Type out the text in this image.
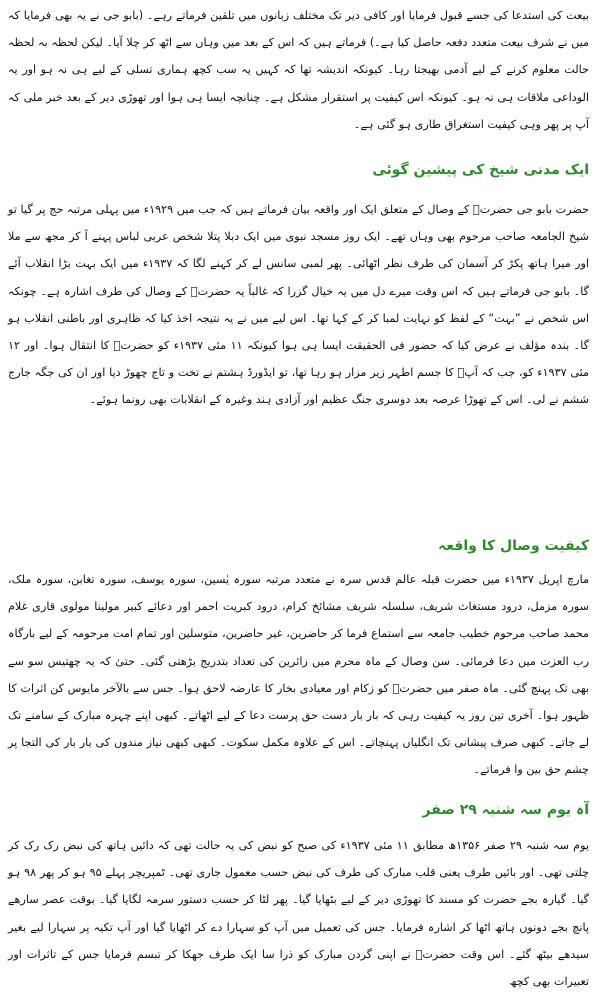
بیعت کی استدعا کی جسے قبول فرمایا اور کافی دیر تک مختلف زبانوں میں تلقین فرماتے رہے۔ (بابو جی نے یہ بھی فرمایا کہ میں نے شرف بیعت متعدد دفعہ حاصل کیا ہے۔) فرماتے ہیں کہ اس کے بعد میں وہاں سے اٹھ کر چلا آیا۔ لیکن لحظہ بہ لحظہ حالت معلوم کرنے کے لیے آدمی بھیجتا رہا۔ کیونکہ اندیشہ تھا کہ کہیں یہ سب کچھ ہماری تسلی کے لیے ہی نہ ہو اور یہ الوداعی ملاقات ہی نہ ہو۔ کیونکہ اس کیفیت پر استقرار مشکل ہے۔ چنانچہ ایسا ہی ہوا اور تھوڑی دیر کے بعد خبر ملی کہ آپ پر پھر وہی کیفیت استغراق طاری ہو گئی ہے۔

ایک مدنی شیخ کی پیشین گوئی

حضرت بابو جی حضرتؒ کے وصال کے متعلق ایک اور واقعہ بیان فرماتے ہیں کہ جب میں ۱۹۲۹ء میں پہلی مرتبہ حج پر گیا تو شیخ الجامعہ صاحب مرحوم بھی وہاں تھے۔ ایک روز مسجد نبوی میں ایک دبلا پتلا شخص عربی لباس پہنے آ کر مجھ سے ملا اور میرا ہاتھ پکڑ کر آسمان کی طرف نظر اٹھائی۔ پھر لمبی سانس لے کر کہنے لگا کہ ۱۹۳۷ء میں ایک بہت بڑا انقلاب آئے گا۔ بابو جی فرماتے ہیں کہ اس وقت میرے دل میں یہ خیال گزرا کہ غالباً یہ حضرتؒ کے وصال کی طرف اشارہ ہے۔ چونکہ اس شخص نے ”بہت“ کے لفظ کو نہایت لمبا کر کے کہا تھا۔ اس لیے میں نے یہ نتیجہ اخذ کیا کہ ظاہری اور باطنی انقلاب ہو گا۔ بندہ مؤلف نے عرض کیا کہ حضور فی الحقیقت ایسا ہی ہوا کیونکہ ۱۱ مئی ۱۹۳۷ء کو حضرتؒ کا انتقال ہوا۔ اور ۱۲ مئی ۱۹۳۷ء کو، جب کہ آپؒ کا جسم اطہر زیر مزار ہو رہا تھا، تو ایڈورڈ ہشتم نے تخت و تاج چھوڑ دیا اور ان کی جگہ جارج ششم نے لی۔ اس کے تھوڑا عرصہ بعد دوسری جنگ عظیم اور آزادی ہند وغیرہ کے انقلابات بھی رونما ہوئے۔

کیفیت وصال کا واقعہ

مارچ اپریل ۱۹۳۷ء میں حضرت قبلہ عالم قدس سرہ نے متعدد مرتبہ سورہ یٰسین، سورہ یوسف، سورہ تغابن، سورہ ملک، سورہ مزمل، درود مستغاث شریف، سلسلہ شریف مشائخ کرام، درود کبریت احمر اور دعائے کبیر مولینا مولوی قاری غلام محمد صاحب مرحوم خطیب جامعہ سے استماع فرما کر حاضرین، غیر حاضرین، متوسلین اور تمام امت مرحومہ کے لیے بارگاہ رب العزت میں دعا فرمائی۔ سن وصال کے ماہ محرم میں زائرین کی تعداد بتدریج بڑھتی گئی۔ حتیٰ کہ یہ چھتیس سو سے بھی تک پہنچ گئی۔ ماہ صفر میں حضرتؒ کو زکام اور معیادی بخار کا عارضہ لاحق ہوا۔ جس سے بالآخر مایوس کن اثرات کا ظہور ہوا۔ آخری تین روز یہ کیفیت رہی کہ بار بار دست حق پرست دعا کے لیے اٹھاتے۔ کبھی اپنے چہرہ مبارک کے سامنے تک لے جاتے۔ کبھی صرف پیشانی تک انگلیاں پہنچاتے۔ اس کے علاوہ مکمل سکوت۔ کبھی کبھی نیاز مندوں کی بار بار کی التجا پر چشم حق بین وا فرماتے۔

آہ یوم سہ شنبہ ۲۹ صفر

یوم سہ شنبہ ۲۹ صفر ۱۳۵۶ھ مطابق ۱۱ مئی ۱۹۳۷ء کی صبح کو نبض کی یہ حالت تھی کہ دائیں ہاتھ کی نبض رک رک کر چلتی تھی۔ اور بائیں طرف یعنی قلب مبارک کی طرف کی نبض حسب معمول جاری تھی۔ ٹمپریچر پہلے ۹۵ ہو کر پھر ۹۸ ہو گیا۔ گیارہ بجے حضرت کو مسند کا تھوڑی دیر کے لیے بٹھایا گیا۔ پھر لٹا کر حسب دستور سرمہ لگایا گیا۔ بوقت عصر سارھے پانچ بجے دونوں ہاتھ اٹھا کر اشارہ فرمایا۔ جس کی تعمیل میں آپ کو سہارا دے کر اٹھایا گیا اور آپ تکیہ پر سہارا لیے بغیر سیدھے بیٹھ گئے۔ اس وقت حضرتؒ نے اپنی گردن مبارک کو ذرا سا ایک طرف جھکا کر تبسم فرمایا جس کے تاثرات اور تعبیرات بھی کچھ
